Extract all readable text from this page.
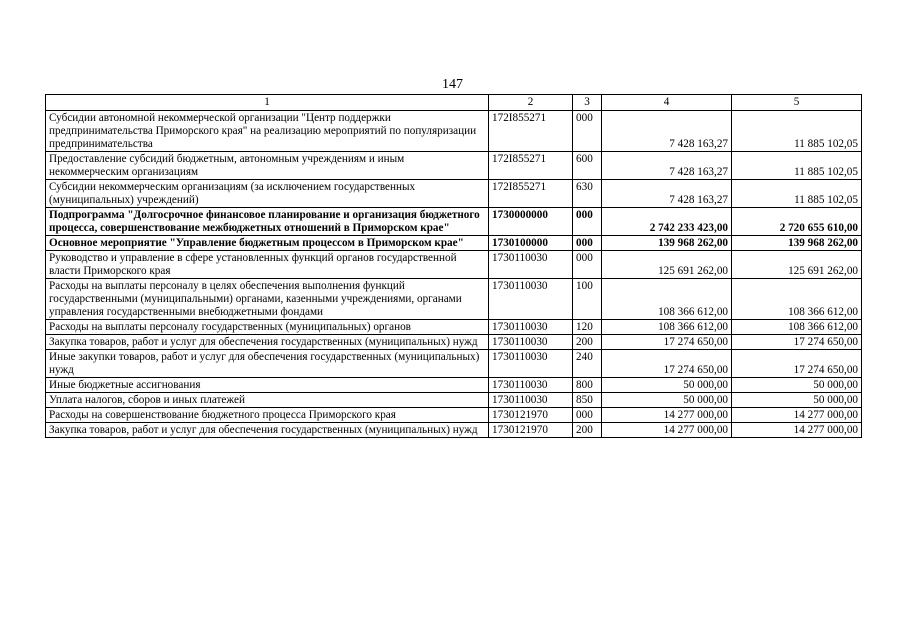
147
1	2	3	4	5
Субсидии автономной некоммерческой организации "Центр поддержки предпринимательства Приморского края" на реализацию мероприятий по популяризации предпринимательства	172I855271	000	7 428 163,27	11 885 102,05
Предоставление субсидий бюджетным, автономным учреждениям и иным некоммерческим организациям	172I855271	600	7 428 163,27	11 885 102,05
Субсидии некоммерческим организациям (за исключением государственных (муниципальных) учреждений)	172I855271	630	7 428 163,27	11 885 102,05
Подпрограмма "Долгосрочное финансовое планирование и организация бюджетного процесса, совершенствование межбюджетных отношений в Приморском крае"	1730000000	000	2 742 233 423,00	2 720 655 610,00
Основное мероприятие "Управление бюджетным процессом в Приморском крае"	1730100000	000	139 968 262,00	139 968 262,00
Руководство и управление в сфере установленных функций органов государственной власти Приморского края	1730110030	000	125 691 262,00	125 691 262,00
Расходы на выплаты персоналу в целях обеспечения выполнения функций государственными (муниципальными) органами, казенными учреждениями, органами управления государственными внебюджетными фондами	1730110030	100	108 366 612,00	108 366 612,00
Расходы на выплаты персоналу государственных (муниципальных) органов	1730110030	120	108 366 612,00	108 366 612,00
Закупка товаров, работ и услуг для обеспечения государственных (муниципальных) нужд	1730110030	200	17 274 650,00	17 274 650,00
Иные закупки товаров, работ и услуг для обеспечения государственных (муниципальных) нужд	1730110030	240	17 274 650,00	17 274 650,00
Иные бюджетные ассигнования	1730110030	800	50 000,00	50 000,00
Уплата налогов, сборов и иных платежей	1730110030	850	50 000,00	50 000,00
Расходы на совершенствование бюджетного процесса Приморского края	1730121970	000	14 277 000,00	14 277 000,00
Закупка товаров, работ и услуг для обеспечения государственных (муниципальных) нужд	1730121970	200	14 277 000,00	14 277 000,00
